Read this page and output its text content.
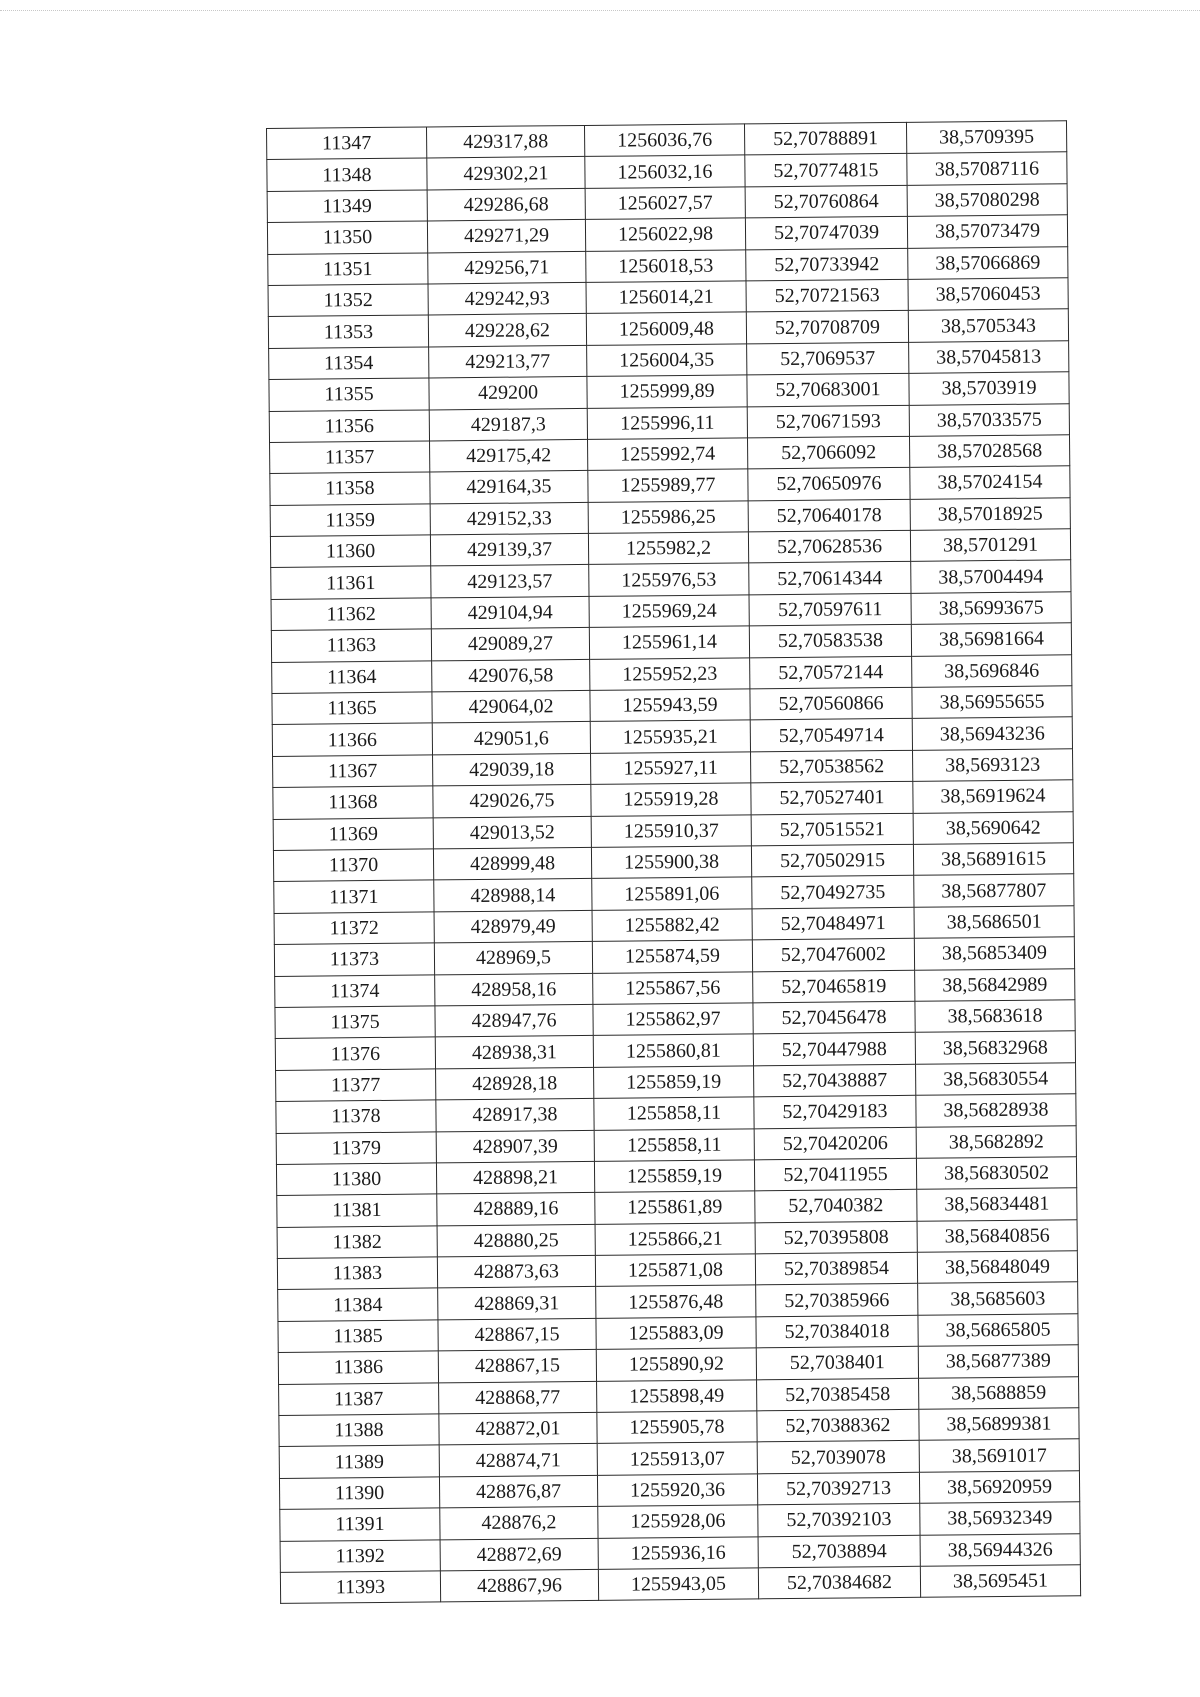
11347	429317,88	1256036,76	52,70788891	38,5709395
11348	429302,21	1256032,16	52,70774815	38,57087116
11349	429286,68	1256027,57	52,70760864	38,57080298
11350	429271,29	1256022,98	52,70747039	38,57073479
11351	429256,71	1256018,53	52,70733942	38,57066869
11352	429242,93	1256014,21	52,70721563	38,57060453
11353	429228,62	1256009,48	52,70708709	38,5705343
11354	429213,77	1256004,35	52,7069537	38,57045813
11355	429200	1255999,89	52,70683001	38,5703919
11356	429187,3	1255996,11	52,70671593	38,57033575
11357	429175,42	1255992,74	52,7066092	38,57028568
11358	429164,35	1255989,77	52,70650976	38,57024154
11359	429152,33	1255986,25	52,70640178	38,57018925
11360	429139,37	1255982,2	52,70628536	38,5701291
11361	429123,57	1255976,53	52,70614344	38,57004494
11362	429104,94	1255969,24	52,70597611	38,56993675
11363	429089,27	1255961,14	52,70583538	38,56981664
11364	429076,58	1255952,23	52,70572144	38,5696846
11365	429064,02	1255943,59	52,70560866	38,56955655
11366	429051,6	1255935,21	52,70549714	38,56943236
11367	429039,18	1255927,11	52,70538562	38,5693123
11368	429026,75	1255919,28	52,70527401	38,56919624
11369	429013,52	1255910,37	52,70515521	38,5690642
11370	428999,48	1255900,38	52,70502915	38,56891615
11371	428988,14	1255891,06	52,70492735	38,56877807
11372	428979,49	1255882,42	52,70484971	38,5686501
11373	428969,5	1255874,59	52,70476002	38,56853409
11374	428958,16	1255867,56	52,70465819	38,56842989
11375	428947,76	1255862,97	52,70456478	38,5683618
11376	428938,31	1255860,81	52,70447988	38,56832968
11377	428928,18	1255859,19	52,70438887	38,56830554
11378	428917,38	1255858,11	52,70429183	38,56828938
11379	428907,39	1255858,11	52,70420206	38,5682892
11380	428898,21	1255859,19	52,70411955	38,56830502
11381	428889,16	1255861,89	52,7040382	38,56834481
11382	428880,25	1255866,21	52,70395808	38,56840856
11383	428873,63	1255871,08	52,70389854	38,56848049
11384	428869,31	1255876,48	52,70385966	38,5685603
11385	428867,15	1255883,09	52,70384018	38,56865805
11386	428867,15	1255890,92	52,7038401	38,56877389
11387	428868,77	1255898,49	52,70385458	38,5688859
11388	428872,01	1255905,78	52,70388362	38,56899381
11389	428874,71	1255913,07	52,7039078	38,5691017
11390	428876,87	1255920,36	52,70392713	38,56920959
11391	428876,2	1255928,06	52,70392103	38,56932349
11392	428872,69	1255936,16	52,7038894	38,56944326
11393	428867,96	1255943,05	52,70384682	38,5695451
